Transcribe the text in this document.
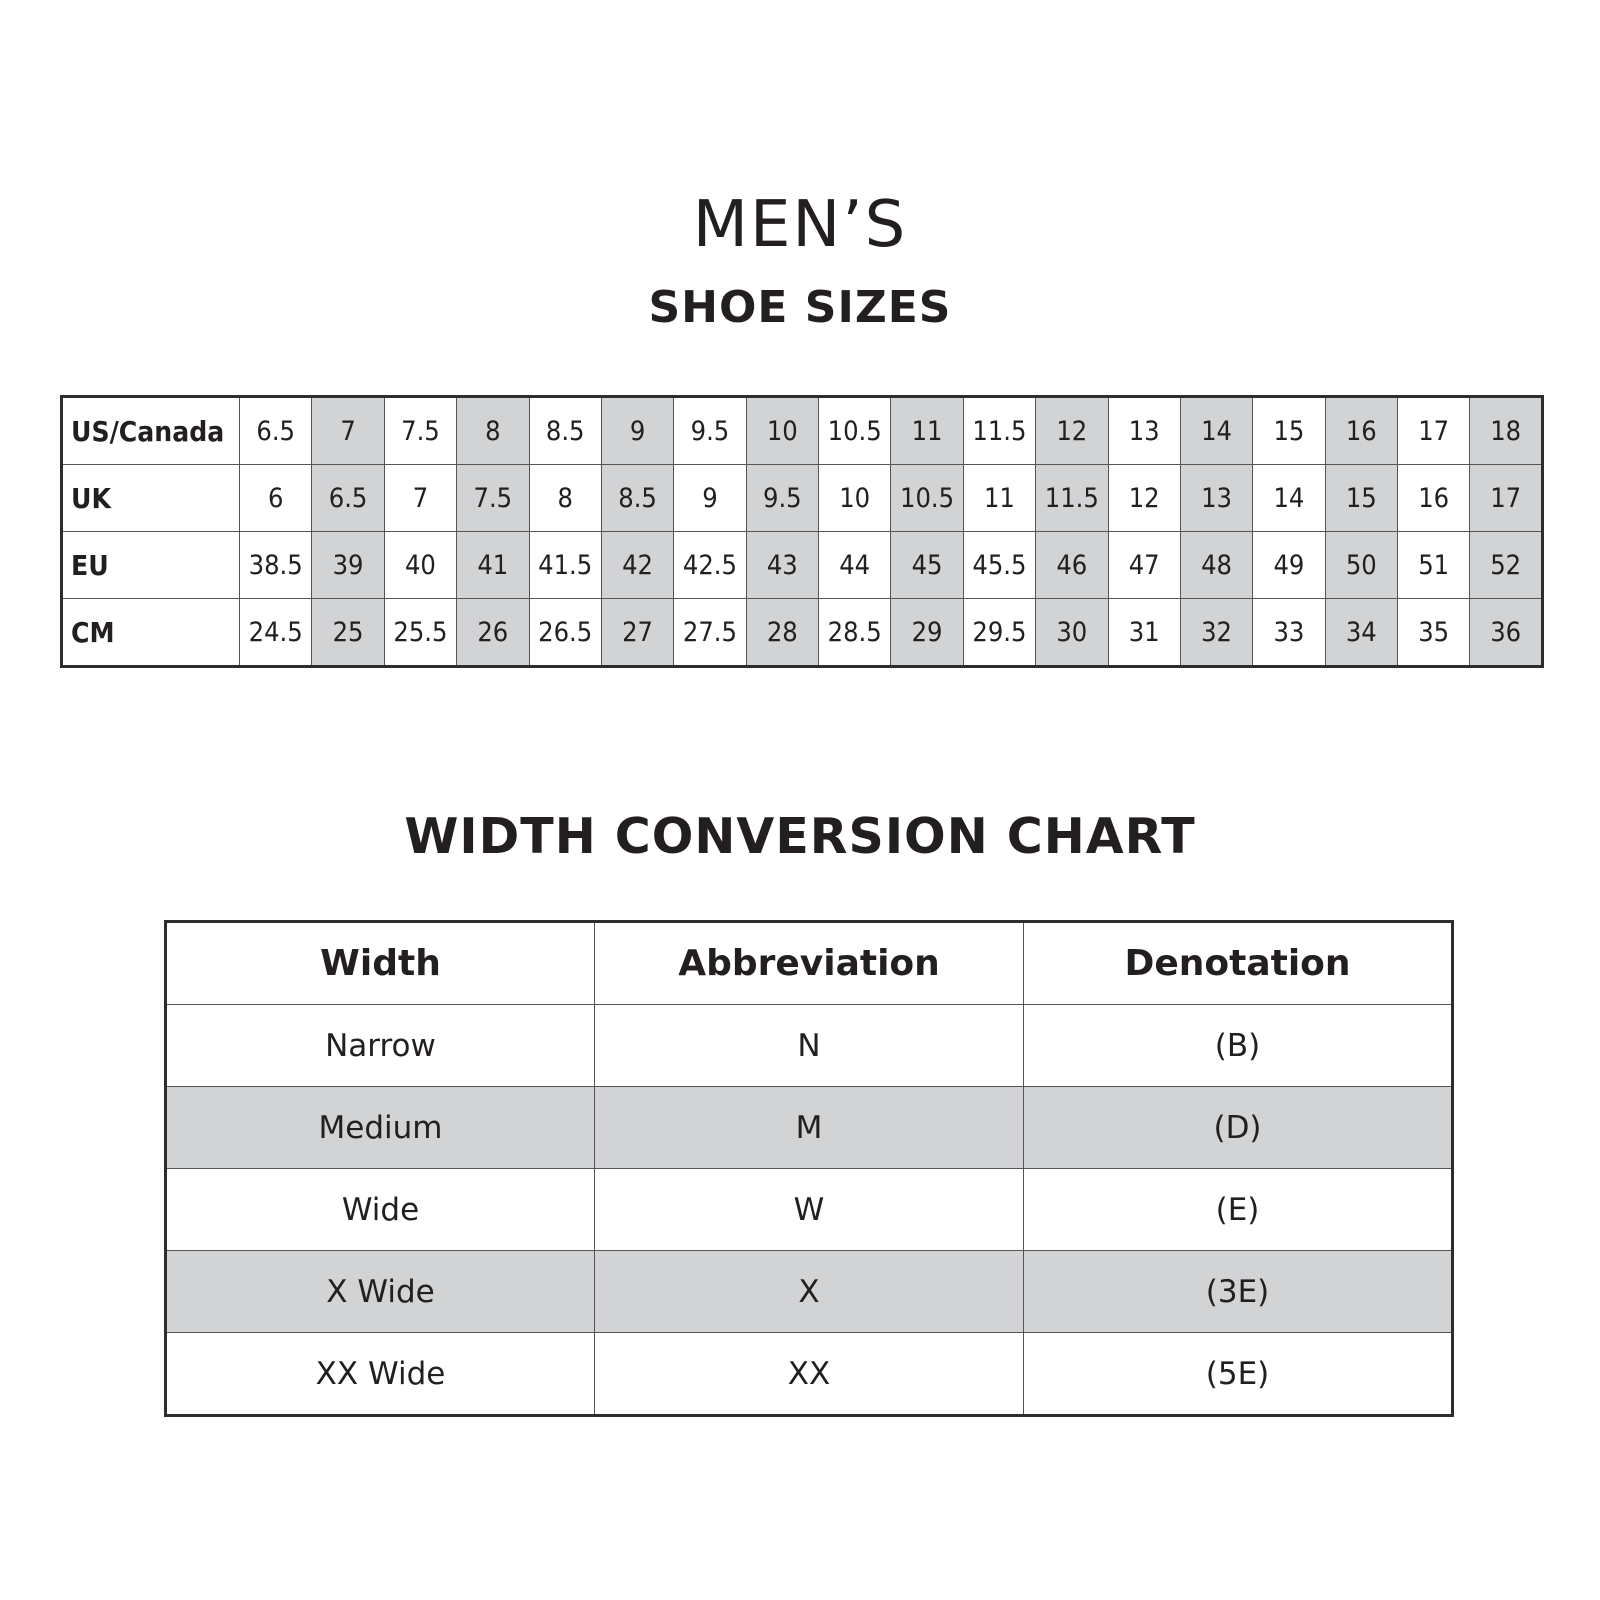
MEN’S
SHOE SIZES
US/Canada	6.5	7	7.5	8	8.5	9	9.5	10	10.5	11	11.5	12	13	14	15	16	17	18
UK	6	6.5	7	7.5	8	8.5	9	9.5	10	10.5	11	11.5	12	13	14	15	16	17
EU	38.5	39	40	41	41.5	42	42.5	43	44	45	45.5	46	47	48	49	50	51	52
CM	24.5	25	25.5	26	26.5	27	27.5	28	28.5	29	29.5	30	31	32	33	34	35	36
WIDTH CONVERSION CHART
Width	Abbreviation	Denotation
Narrow	N	(B)
Medium	M	(D)
Wide	W	(E)
X Wide	X	(3E)
XX Wide	XX	(5E)
